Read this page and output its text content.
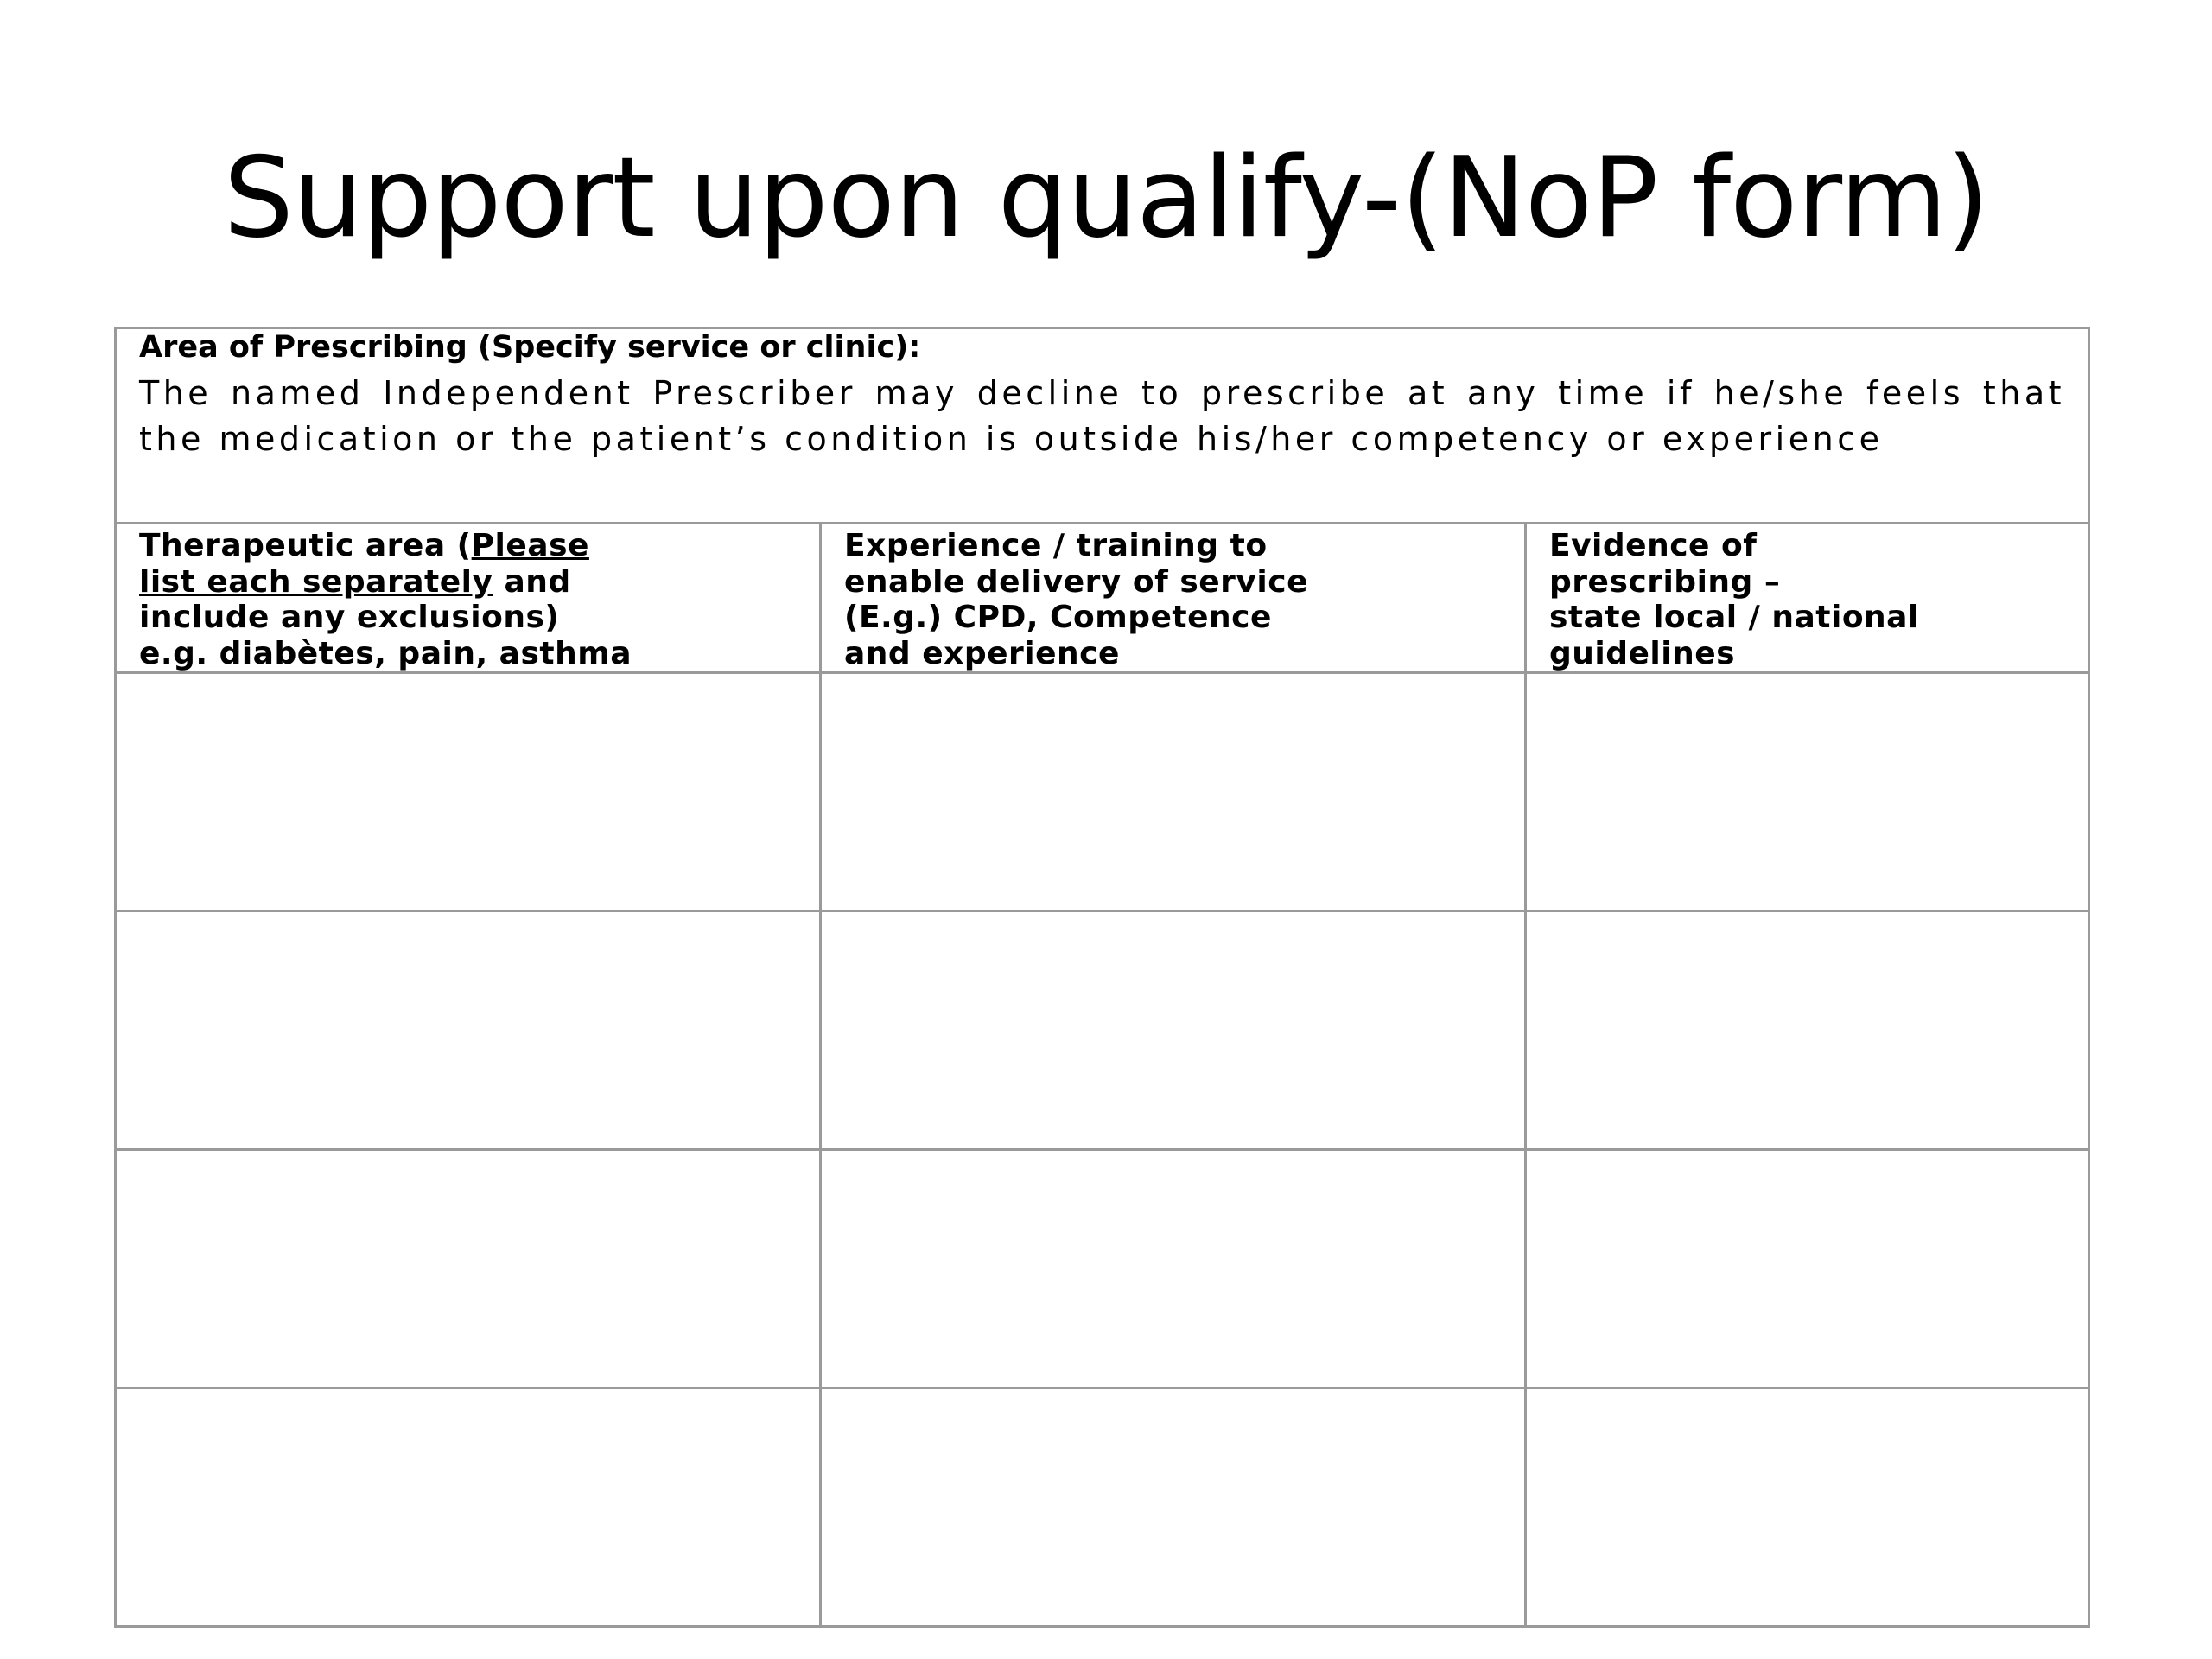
Support upon qualify-(NoP form)
Area of Prescribing (Specify service or clinic):
The named Independent Prescriber may decline to prescribe at any time if he/she feels that the medication or the patient’s condition is outside his/her competency or experience		

Therapeutic area (Please
list each separately and
include any exclusions)
e.g. diabètes, pain, asthma	Experience / training to
enable delivery of service
(E.g.) CPD, Competence
and experience	Evidence of
prescribing –
state local / national
guidelines
